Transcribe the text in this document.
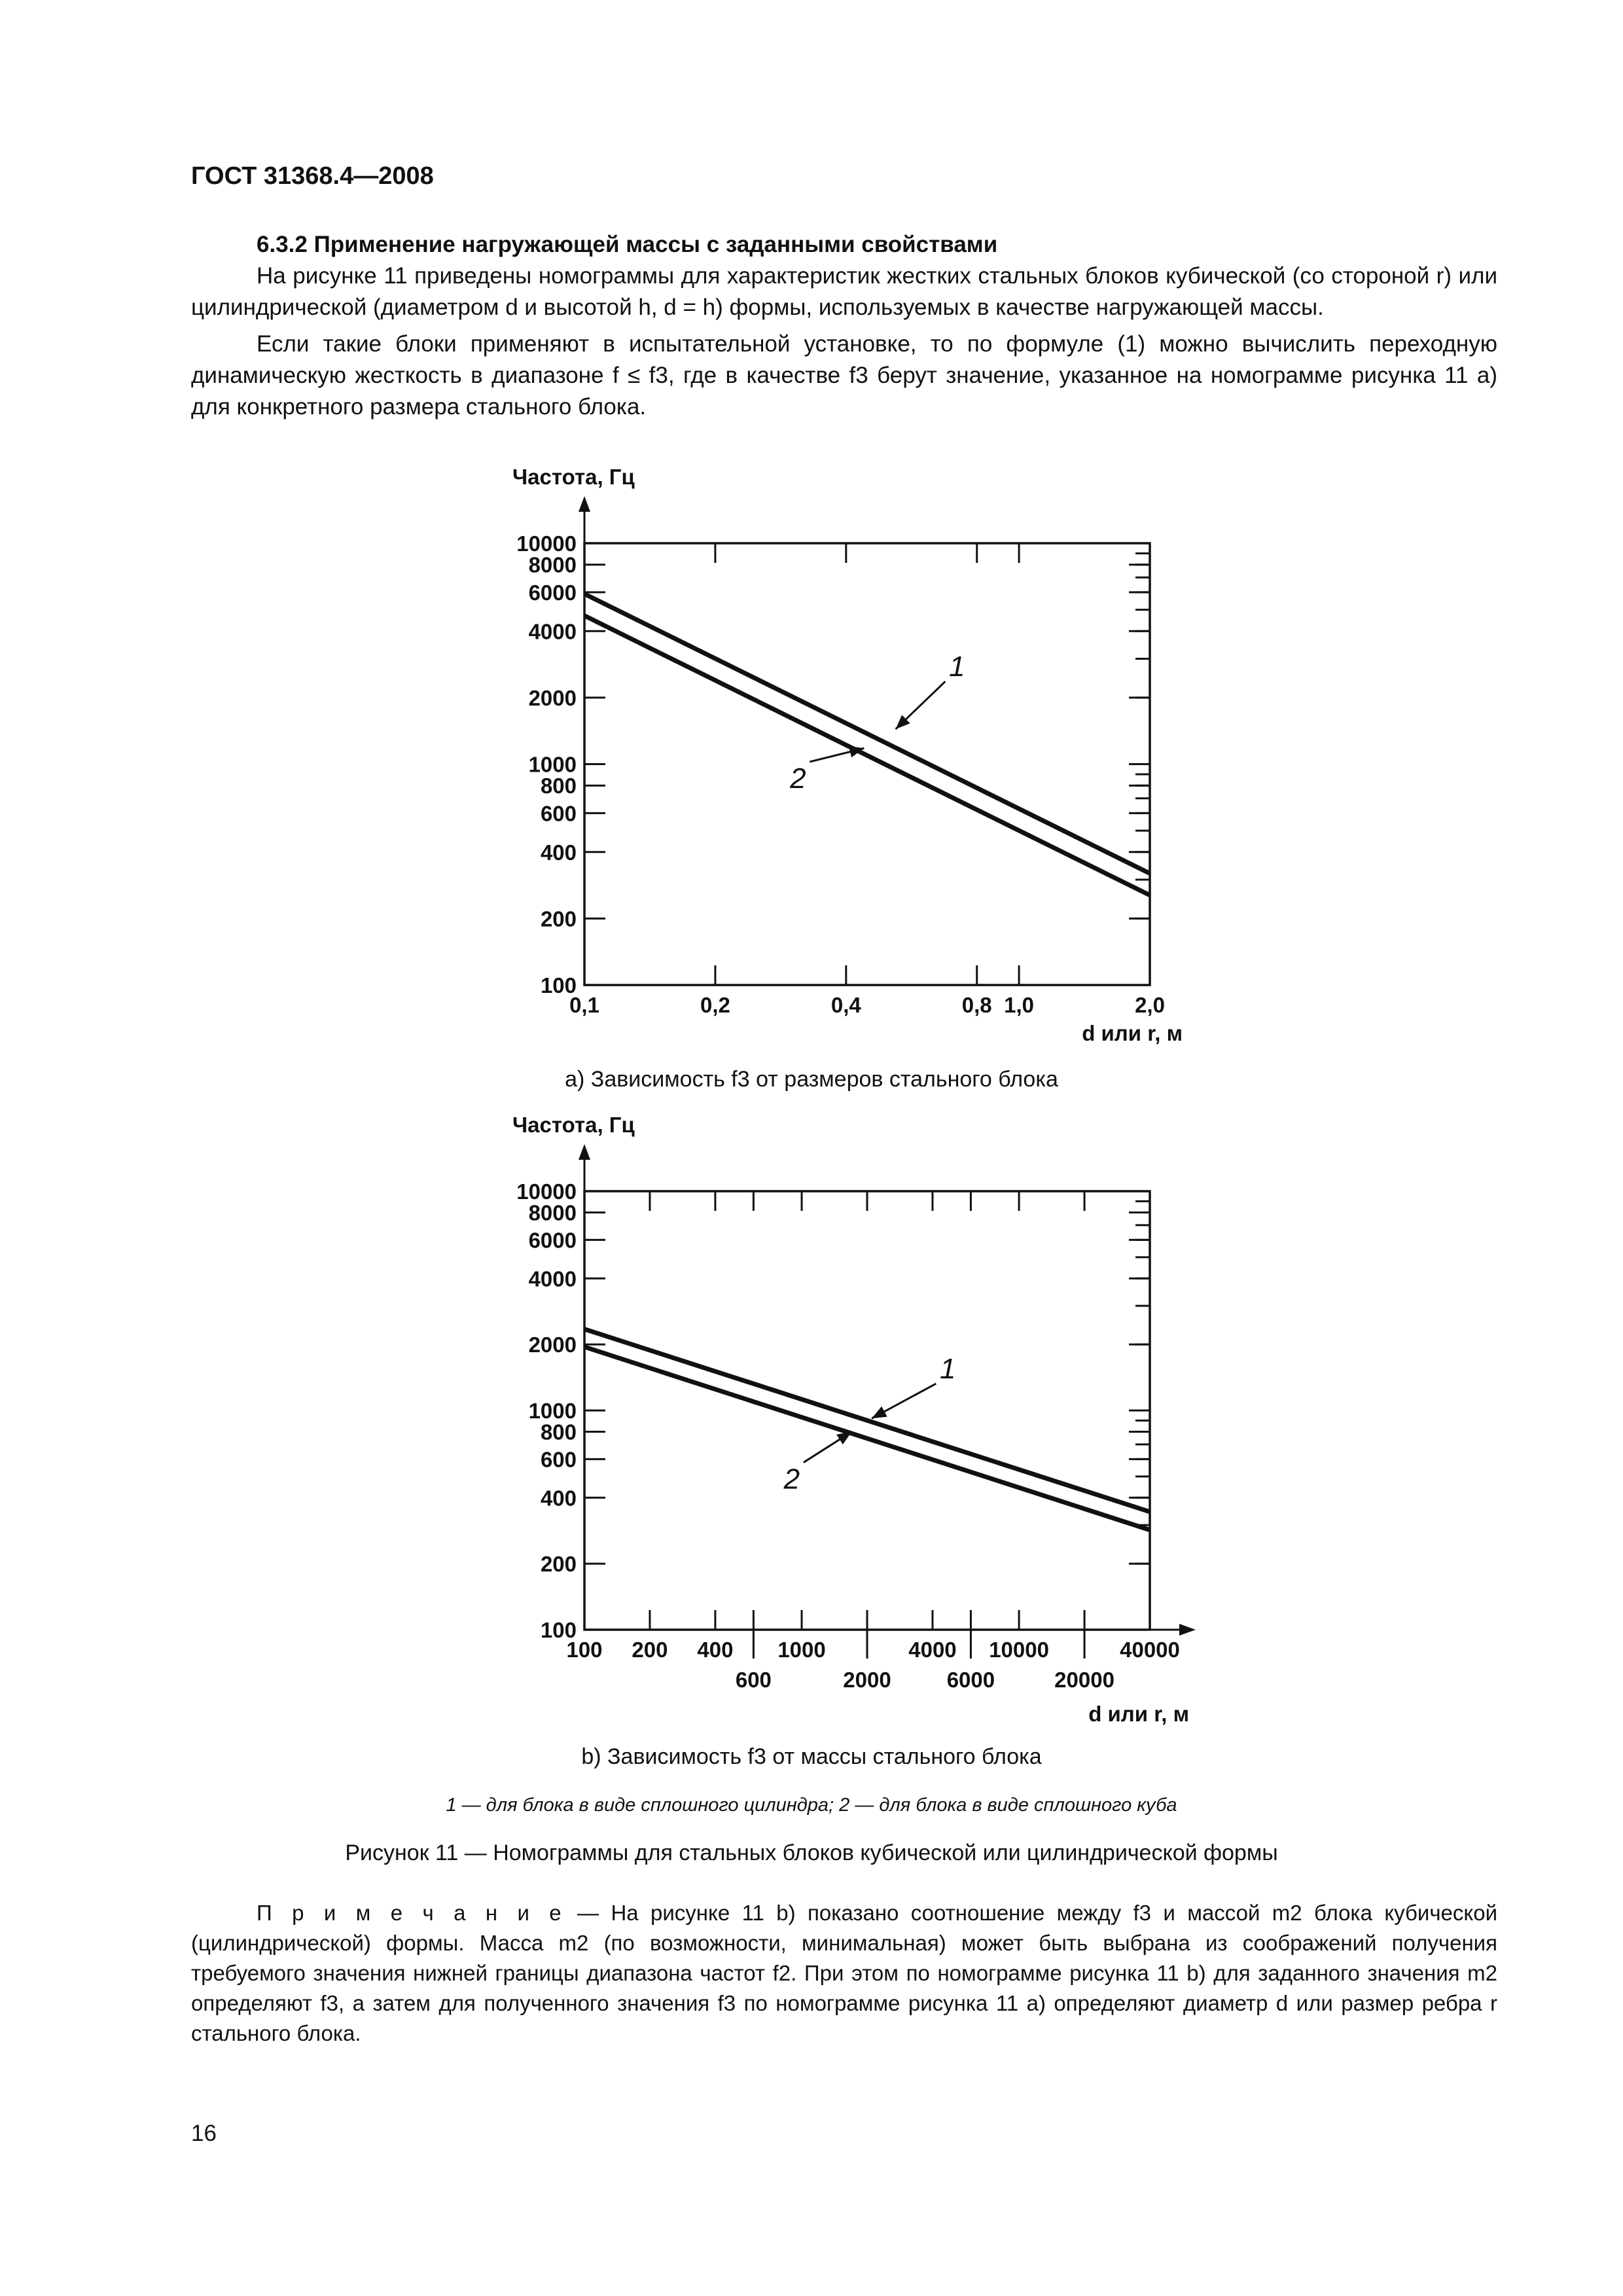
ГОСТ 31368.4—2008
6.3.2 Применение нагружающей массы с заданными свойствами
На рисунке 11 приведены номограммы для характеристик жестких стальных блоков кубической (со стороной r) или цилиндрической (диаметром d и высотой h, d = h) формы, используемых в качестве нагружающей массы.
Если такие блоки применяют в испытательной установке, то по формуле (1) можно вычислить переходную динамическую жесткость в диапазоне f ≤ f3, где в качестве f3 берут значение, указанное на номограмме рисунка 11 a) для конкретного размера стального блока.
10000
8000
6000
4000
2000
1000
800
600
400
200
100
0,1	0,2	0,4	0,8 1,0	2,0
Частота, Гц
d или r, м
1
2
a) Зависимость f3 от размеров стального блока
10000
8000
6000
4000
2000
1000
800
600
400
200
100
100 200 400
600
1000
2000
4000
6000
10000
20000
40000
Частота, Гц
d или r, м
1
2
b) Зависимость f3 от массы стального блока
1 — для блока в виде сплошного цилиндра; 2 — для блока в виде сплошного куба
Рисунок 11 — Номограммы для стальных блоков кубической или цилиндрической формы
П р и м е ч а н и е — На рисунке 11 b) показано соотношение между f3 и массой m2 блока кубической (цилиндрической) формы. Масса m2 (по возможности, минимальная) может быть выбрана из соображений получения требуемого значения нижней границы диапазона частот f2. При этом по номограмме рисунка 11 b) для заданного значения m2 определяют f3, а затем для полученного значения f3 по номограмме рисунка 11 a) определяют диаметр d или размер ребра r стального блока.
16
